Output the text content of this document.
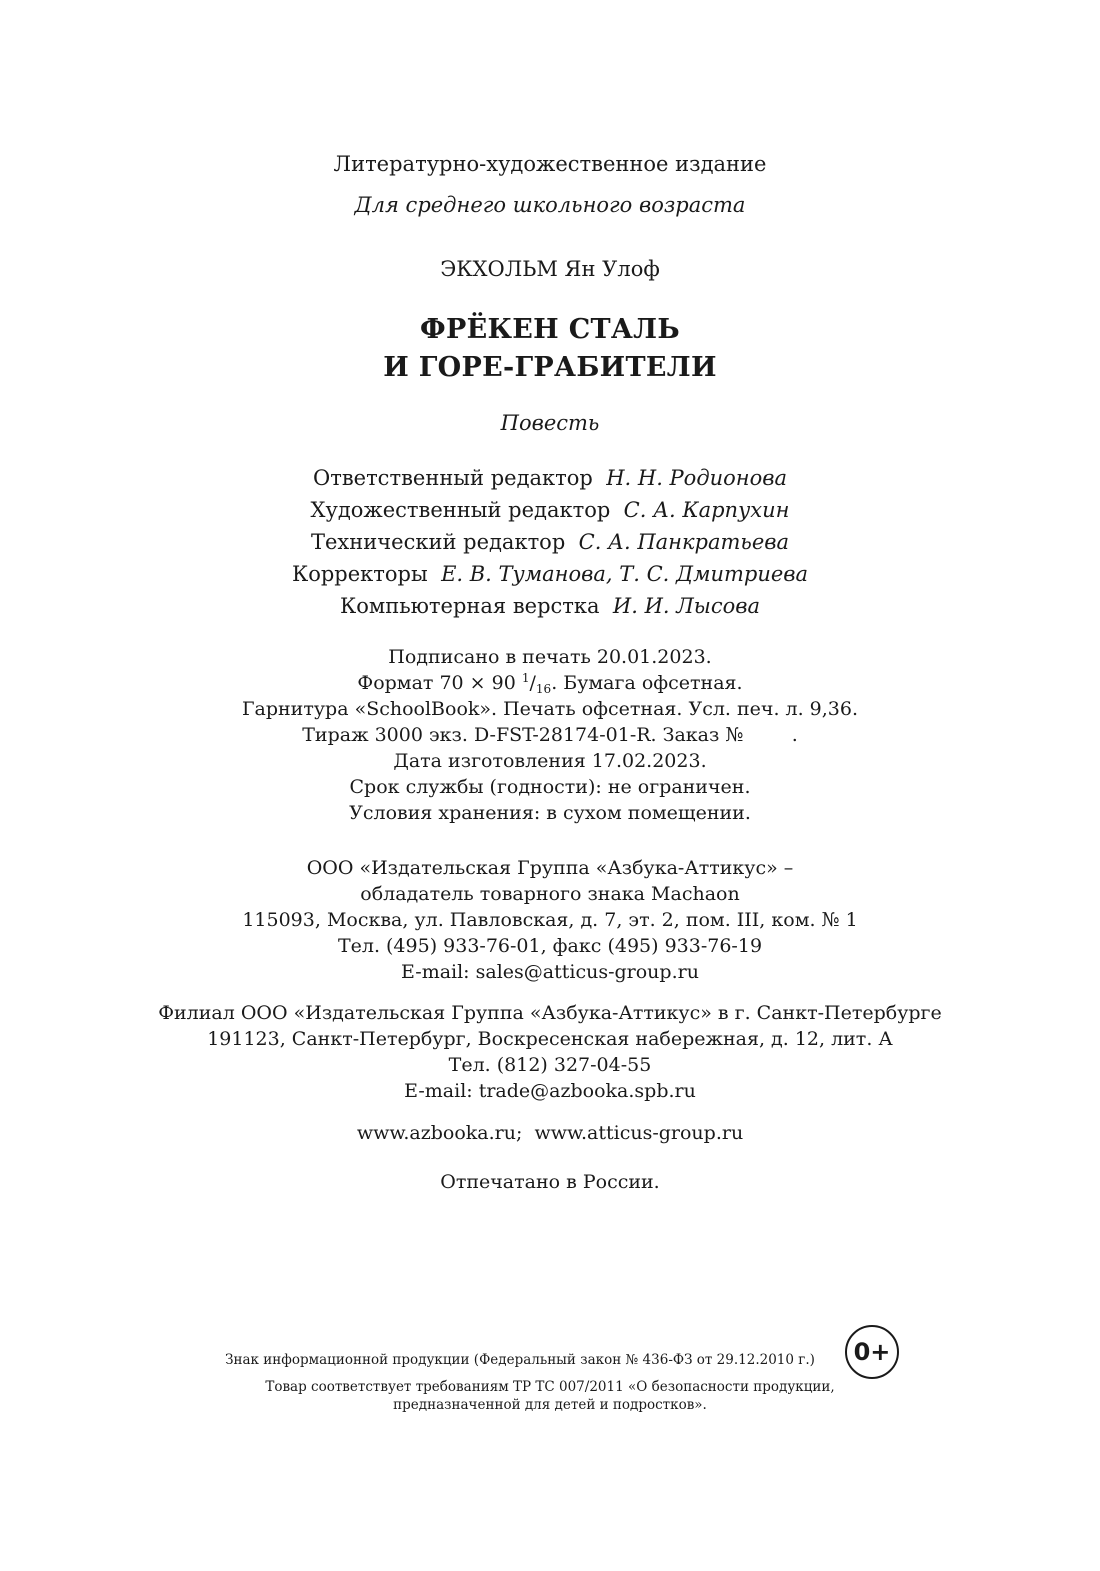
Литературно-художественное издание
Для среднего школьного возраста
ЭКХОЛЬМ Ян Улоф
ФРЁКЕН СТАЛЬ
И ГОРЕ-ГРАБИТЕЛИ
Повесть
Ответственный редактор Н. Н. Родионова
Художественный редактор С. А. Карпухин
Технический редактор С. А. Панкратьева
Корректоры Е. В. Туманова, Т. С. Дмитриева
Компьютерная верстка И. И. Лысова
Подписано в печать 20.01.2023.
Формат 70 × 90 $^1/_{16}$. Бумага офсетная.
Гарнитура «SchoolBook». Печать офсетная. Усл. печ. л. 9,36.
Тираж 3000 экз. D-FST-28174-01-R. Заказ №        .
Дата изготовления 17.02.2023.
Срок службы (годности): не ограничен.
Условия хранения: в сухом помещении.
ООО «Издательская Группа «Азбука-Аттикус» –
обладатель товарного знака Machaon
115093, Москва, ул. Павловская, д. 7, эт. 2, пом. III, ком. № 1
Тел. (495) 933-76-01, факс (495) 933-76-19
E-mail: sales@atticus-group.ru
Филиал ООО «Издательская Группа «Азбука-Аттикус» в г. Санкт-Петербурге
191123, Санкт-Петербург, Воскресенская набережная, д. 12, лит. А
Тел. (812) 327-04-55
E-mail: trade@azbooka.spb.ru
www.azbooka.ru;  www.atticus-group.ru
Отпечатано в России.
Знак информационной продукции (Федеральный закон № 436-ФЗ от 29.12.2010 г.)	0+
Товар соответствует требованиям ТР ТС 007/2011 «О безопасности продукции,
предназначенной для детей и подростков».
